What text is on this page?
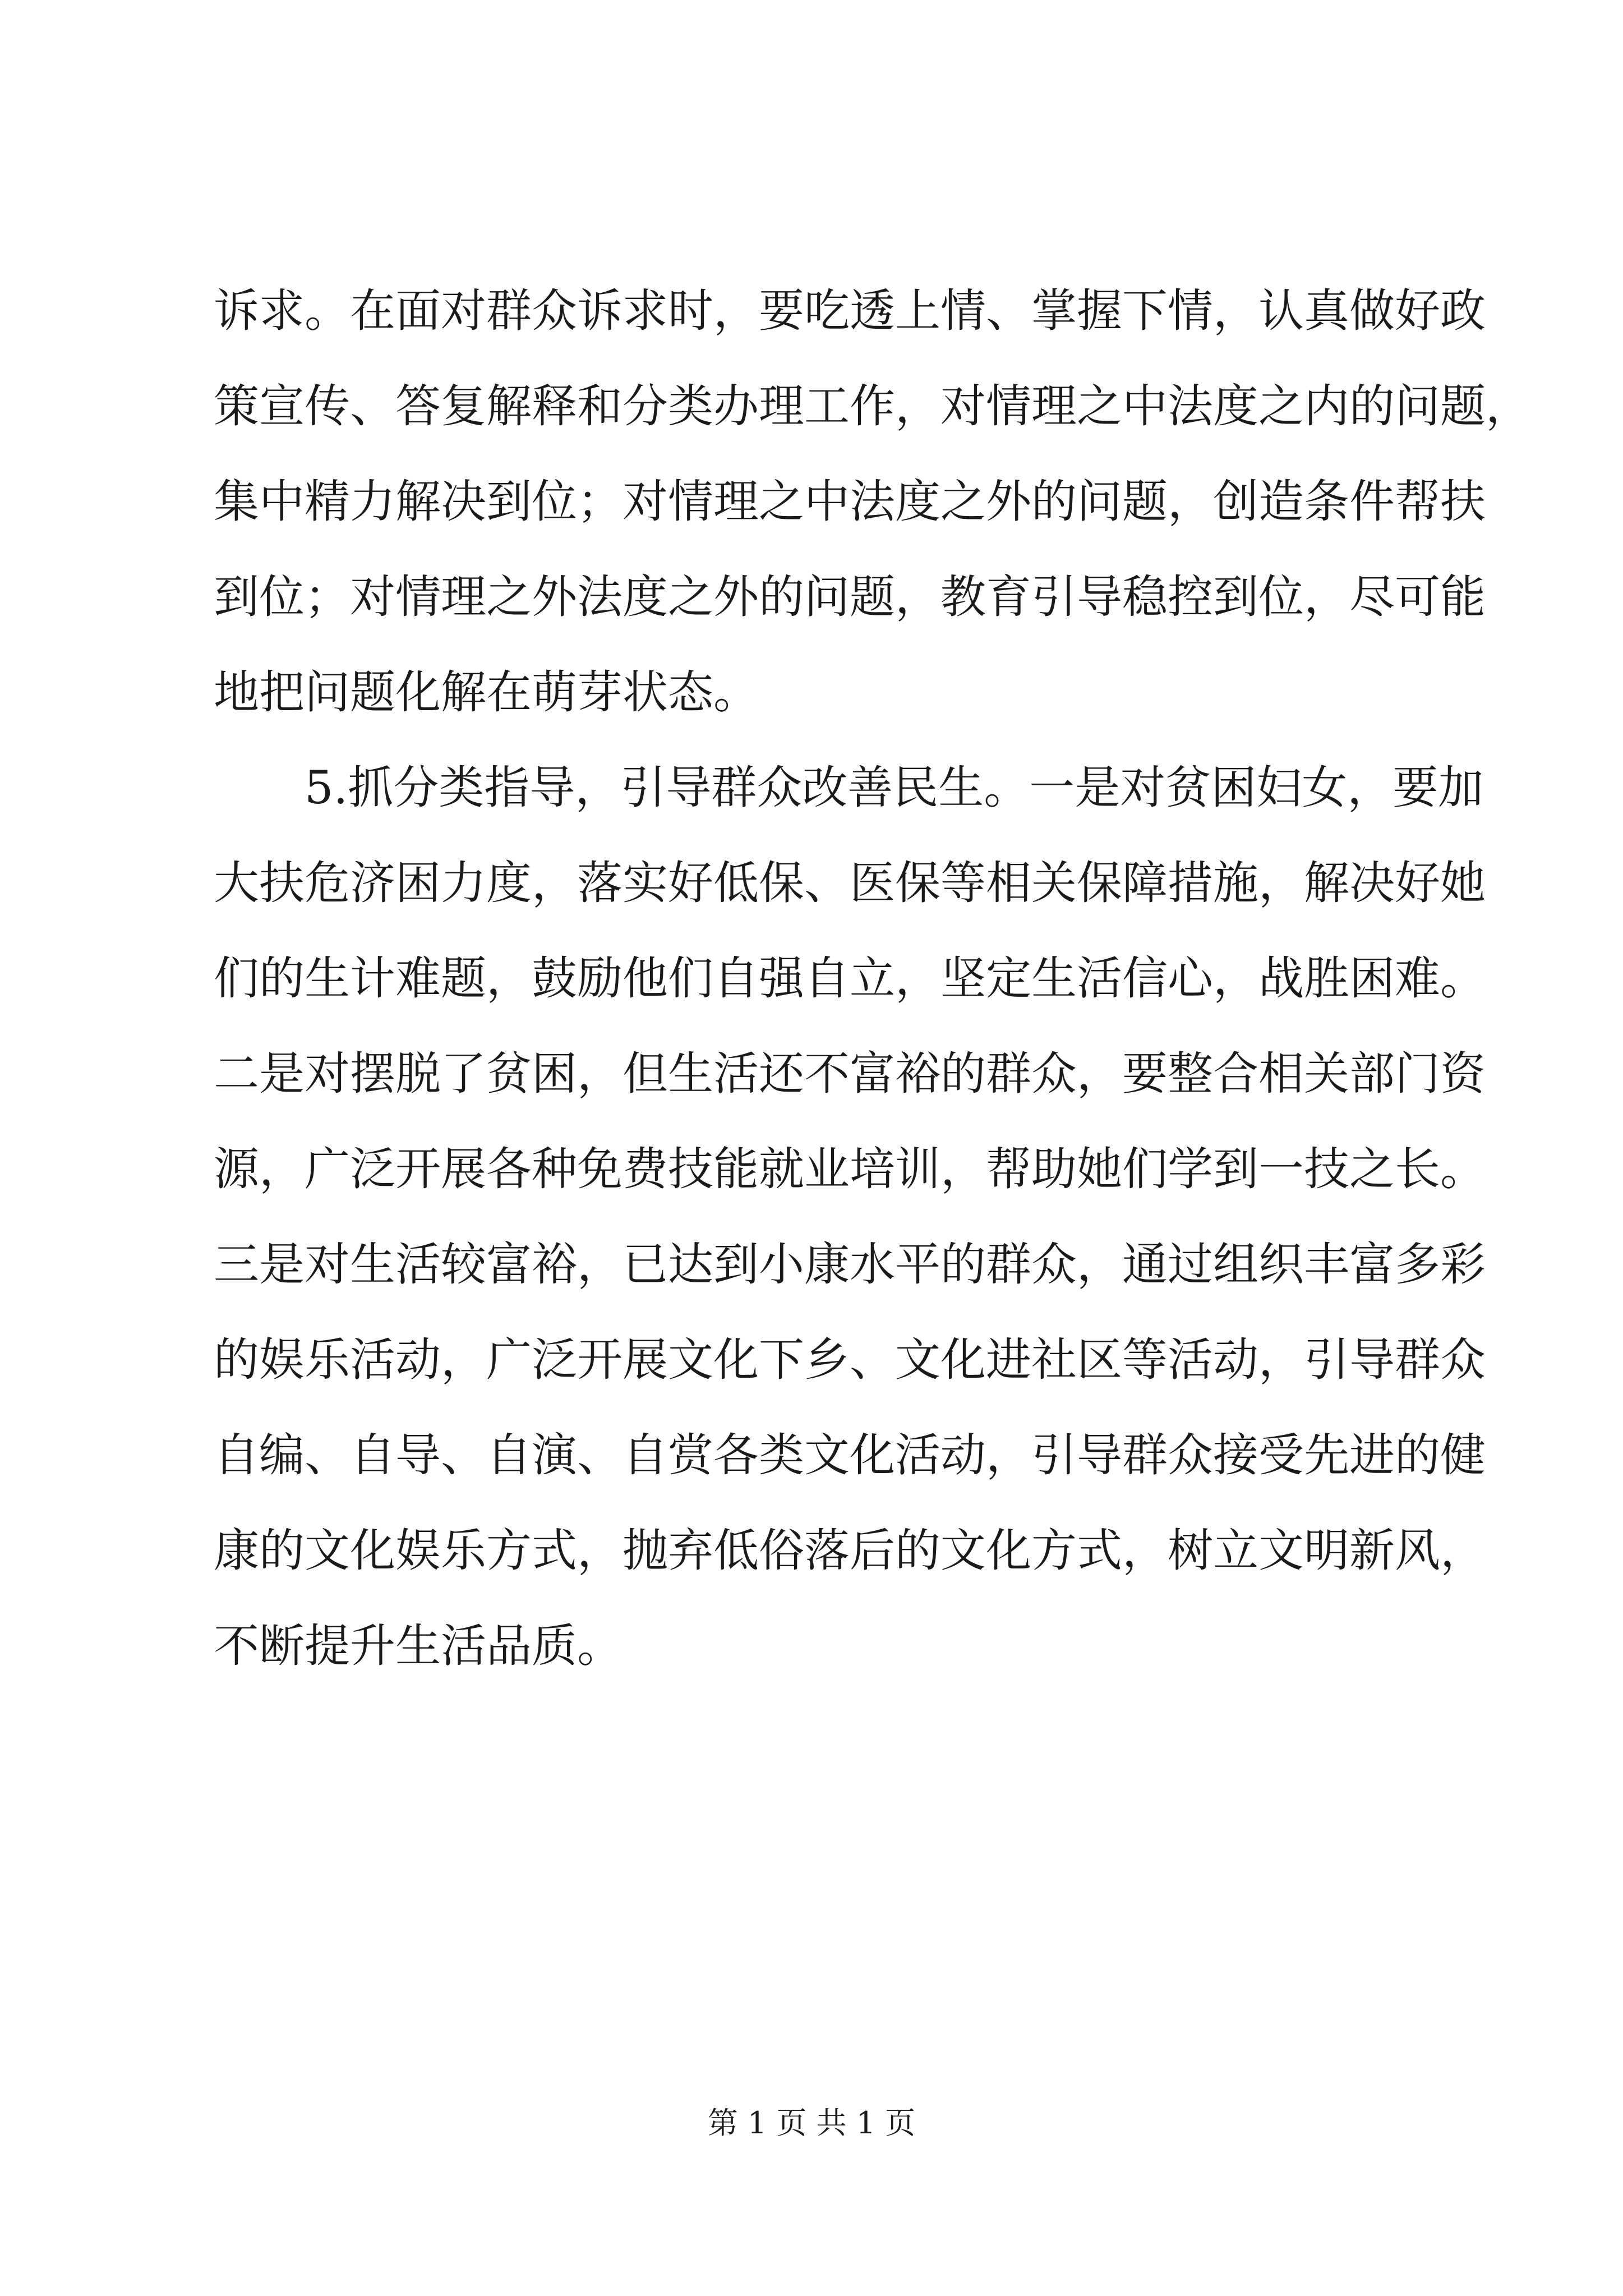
诉求。在面对群众诉求时，要吃透上情、掌握下情，认真做好政
策宣传、答复解释和分类办理工作，对情理之中法度之内的问题，
集中精力解决到位；对情理之中法度之外的问题，创造条件帮扶
到位；对情理之外法度之外的问题，教育引导稳控到位，尽可能
地把问题化解在萌芽状态。
5.抓分类指导，引导群众改善民生。一是对贫困妇女，要加
大扶危济困力度，落实好低保、医保等相关保障措施，解决好她
们的生计难题，鼓励他们自强自立，坚定生活信心，战胜困难。
二是对摆脱了贫困，但生活还不富裕的群众，要整合相关部门资
源，广泛开展各种免费技能就业培训，帮助她们学到一技之长。
三是对生活较富裕，已达到小康水平的群众，通过组织丰富多彩
的娱乐活动，广泛开展文化下乡、文化进社区等活动，引导群众
自编、自导、自演、自赏各类文化活动，引导群众接受先进的健
康的文化娱乐方式，抛弃低俗落后的文化方式，树立文明新风，
不断提升生活品质。
第 1 页 共 1 页
